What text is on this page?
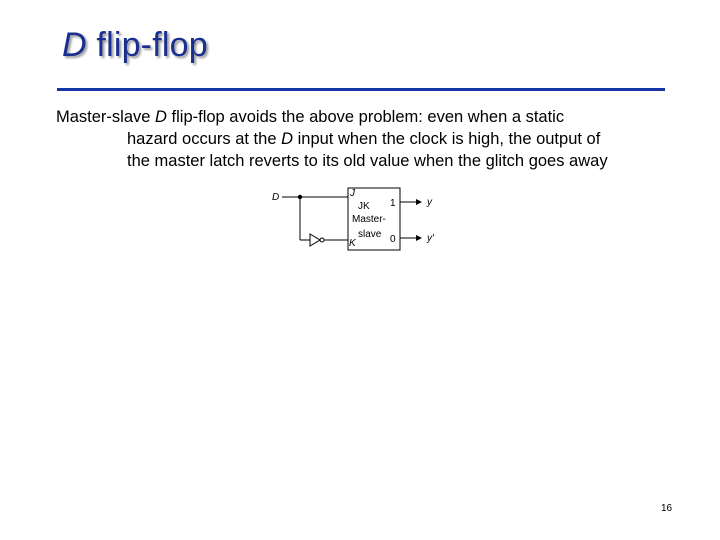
D flip-flop
Master-slave D flip-flop avoids the above problem: even when a static
hazard occurs at the D input when the clock is high, the output of
the master latch reverts to its old value when the glitch goes away
D	J
K
JK
Master-
slave
1
0
y
y′
16
